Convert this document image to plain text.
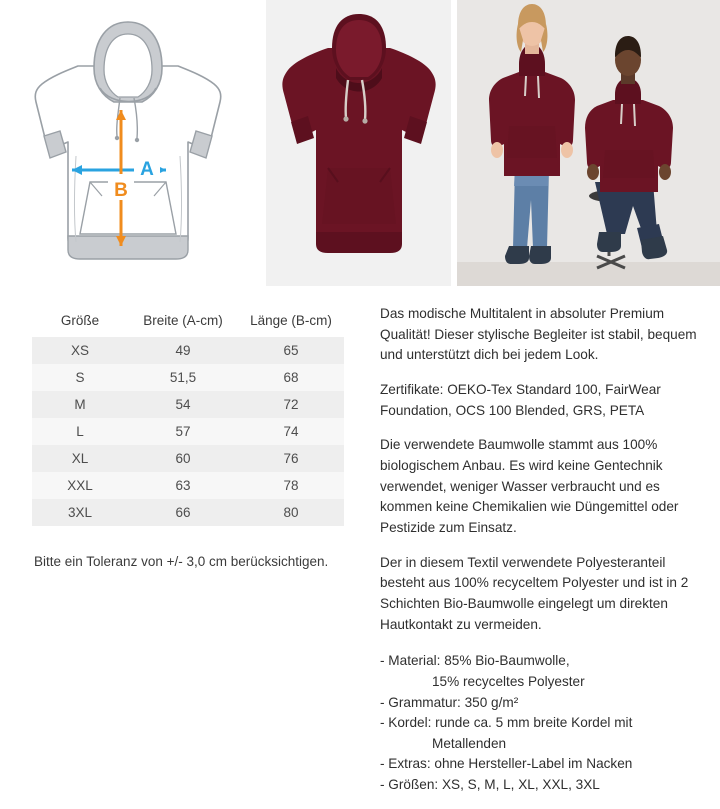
A
B
Größe	Breite (A-cm)	Länge (B-cm)
XS	49	65
S	51,5	68
M	54	72
L	57	74
XL	60	76
XXL	63	78
3XL	66	80
Bitte ein Toleranz von +/- 3,0 cm berücksichtigen.

Das modische Multitalent in absoluter Premium Qualität! Dieser stylische Begleiter ist stabil, bequem und unterstützt dich bei jedem Look.

Zertifikate: OEKO-Tex Standard 100, FairWear Foundation, OCS 100 Blended, GRS, PETA

Die verwendete Baumwolle stammt aus 100% biologischem Anbau. Es wird keine Gentechnik verwendet, weniger Wasser verbraucht und es kommen keine Chemikalien wie Düngemittel oder Pestizide zum Einsatz.

Der in diesem Textil verwendete Polyesteranteil besteht aus 100% recyceltem Polyester und ist in 2 Schichten Bio-Baumwolle eingelegt um direkten Hautkontakt zu vermeiden.

- Material: 85% Bio-Baumwolle,
15% recyceltes Polyester
- Grammatur: 350 g/m²
- Kordel: runde ca. 5 mm breite Kordel mit
Metallenden
- Extras: ohne Hersteller-Label im Nacken
- Größen: XS, S, M, L, XL, XXL, 3XL
